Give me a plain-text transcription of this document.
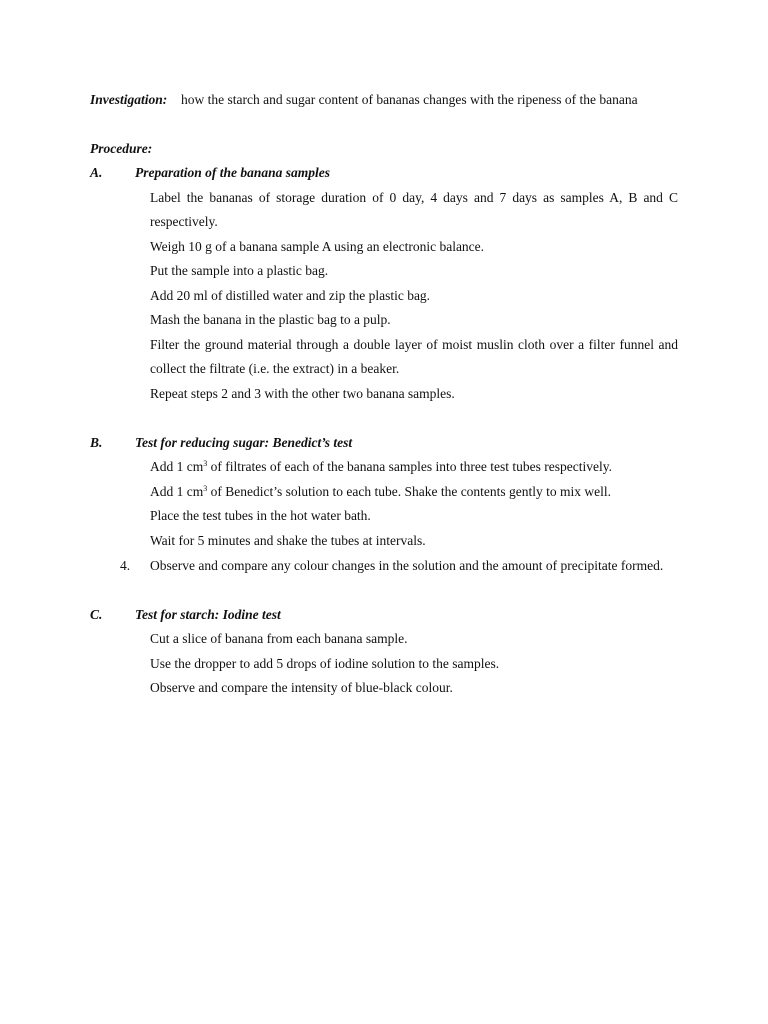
Investigation: how the starch and sugar content of bananas changes with the ripeness of the banana
Procedure:
A. Preparation of the banana samples
Label the bananas of storage duration of 0 day, 4 days and 7 days as samples A, B and C
respectively.
Weigh 10 g of a banana sample A using an electronic balance.
Put the sample into a plastic bag.
Add 20 ml of distilled water and zip the plastic bag.
Mash the banana in the plastic bag to a pulp.
Filter the ground material through a double layer of moist muslin cloth over a filter funnel and
collect the filtrate (i.e. the extract) in a beaker.
Repeat steps 2 and 3 with the other two banana samples.
B. Test for reducing sugar: Benedict’s test
Add 1 $cm^3$ of filtrates of each of the banana samples into three test tubes respectively.
Add 1 $cm^3$ of Benedict’s solution to each tube. Shake the contents gently to mix well.
Place the test tubes in the hot water bath.
Wait for 5 minutes and shake the tubes at intervals.
4. Observe and compare any colour changes in the solution and the amount of precipitate formed.
C. Test for starch: Iodine test
Cut a slice of banana from each banana sample.
Use the dropper to add 5 drops of iodine solution to the samples.
Observe and compare the intensity of blue-black colour.
